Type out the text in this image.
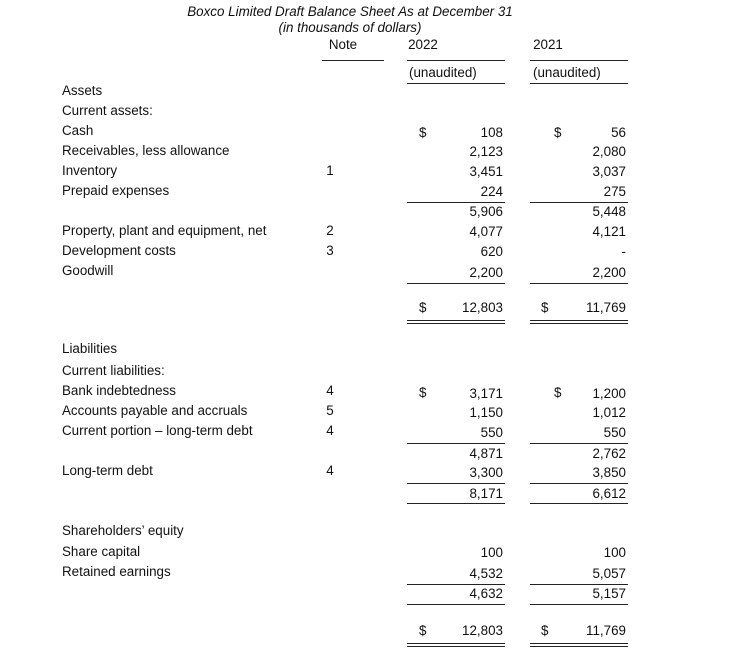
Boxco Limited Draft Balance Sheet As at December 31
(in thousands of dollars)
Note	2022	2021
(unaudited)	(unaudited)
Assets
Current assets:
Cash	$	108	$	56
Receivables, less allowance	2,123	2,080
Inventory	1	3,451	3,037
Prepaid expenses	224	275
5,906	5,448
Property, plant and equipment, net	2	4,077	4,121
Development costs	3	620	-
Goodwill	2,200	2,200
$	12,803	$	11,769
Liabilities
Current liabilities:
Bank indebtedness	4	$	3,171	$	1,200
Accounts payable and accruals	5	1,150	1,012
Current portion – long-term debt	4	550	550
4,871	2,762
Long-term debt	4	3,300	3,850
8,171	6,612
Shareholders’ equity
Share capital	100	100
Retained earnings	4,532	5,057
4,632	5,157
$	12,803	$	11,769
